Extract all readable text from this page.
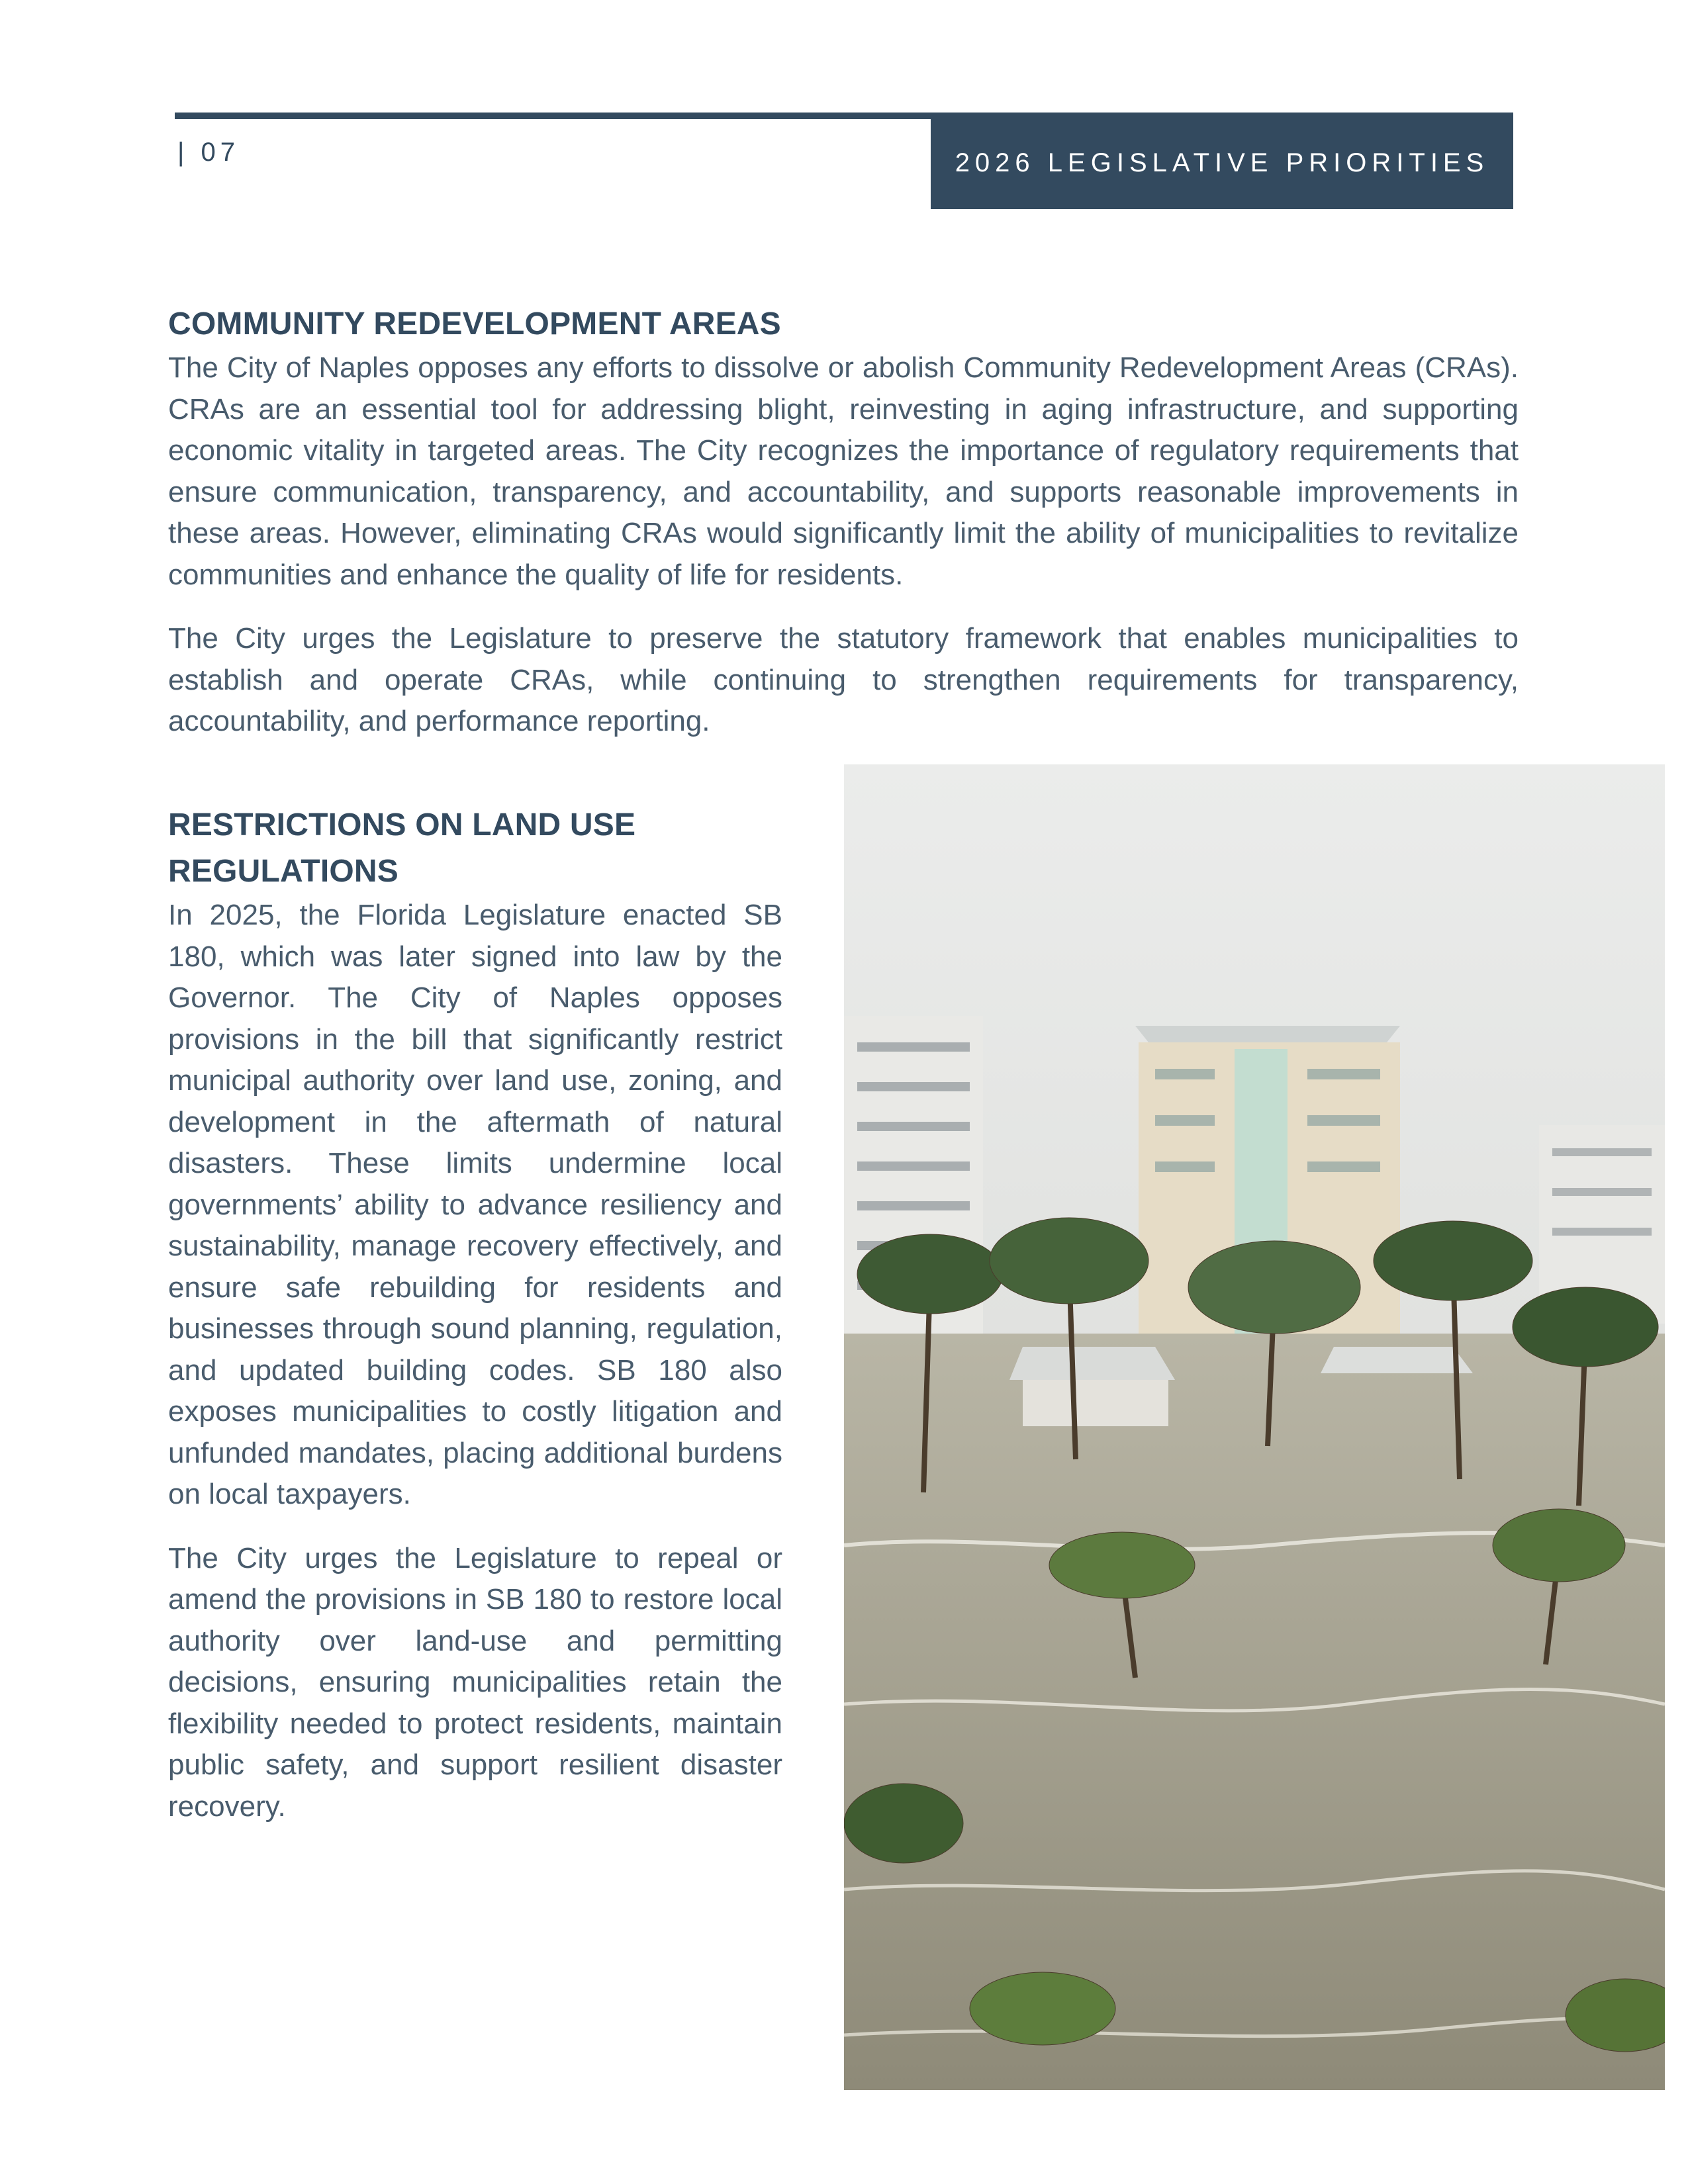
| 07	2026 LEGISLATIVE PRIORITIES
COMMUNITY REDEVELOPMENT AREAS

The City of Naples opposes any efforts to dissolve or abolish Community Redevelopment Areas (CRAs). CRAs are an essential tool for addressing blight, reinvesting in aging infrastructure, and supporting economic vitality in targeted areas. The City recognizes the importance of regulatory requirements that ensure communication, transparency, and accountability, and supports reasonable improvements in these areas. However, eliminating CRAs would significantly limit the ability of municipalities to revitalize communities and enhance the quality of life for residents.

The City urges the Legislature to preserve the statutory framework that enables municipalities to establish and operate CRAs, while continuing to strengthen requirements for transparency, accountability, and performance reporting.

RESTRICTIONS ON LAND USE
REGULATIONS

In 2025, the Florida Legislature enacted SB 180, which was later signed into law by the Governor. The City of Naples opposes provisions in the bill that significantly restrict municipal authority over land use, zoning, and development in the aftermath of natural disasters. These limits undermine local governments’ ability to advance resiliency and sustainability, manage recovery effectively, and ensure safe rebuilding for residents and businesses through sound planning, regulation, and updated building codes. SB 180 also exposes municipalities to costly litigation and unfunded mandates, placing additional burdens on local taxpayers.

The City urges the Legislature to repeal or amend the provisions in SB 180 to restore local authority over land-use and permitting decisions, ensuring municipalities retain the flexibility needed to protect residents, maintain public safety, and support resilient disaster recovery.
